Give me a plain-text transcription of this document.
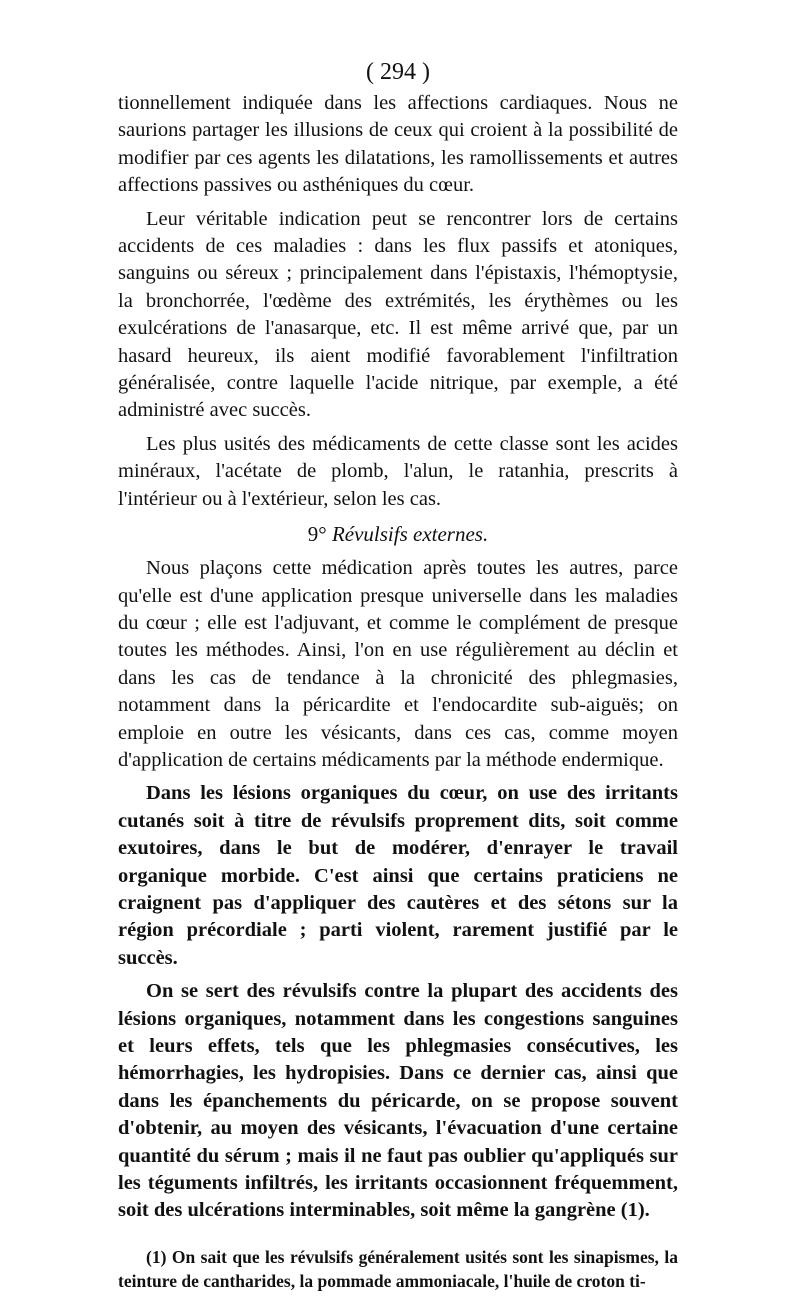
( 294 )

tionnellement indiquée dans les affections cardiaques. Nous ne saurions partager les illusions de ceux qui croient à la possibilité de modifier par ces agents les dilatations, les ramollissements et autres affections passives ou asthéniques du cœur.

Leur véritable indication peut se rencontrer lors de certains accidents de ces maladies : dans les flux passifs et atoniques, sanguins ou séreux ; principalement dans l'épistaxis, l'hémoptysie, la bronchorrée, l'œdème des extrémités, les érythèmes ou les exulcérations de l'anasarque, etc. Il est même arrivé que, par un hasard heureux, ils aient modifié favorablement l'infiltration généralisée, contre laquelle l'acide nitrique, par exemple, a été administré avec succès.

Les plus usités des médicaments de cette classe sont les acides minéraux, l'acétate de plomb, l'alun, le ratanhia, prescrits à l'intérieur ou à l'extérieur, selon les cas.

9° Révulsifs externes.

Nous plaçons cette médication après toutes les autres, parce qu'elle est d'une application presque universelle dans les maladies du cœur ; elle est l'adjuvant, et comme le complément de presque toutes les méthodes. Ainsi, l'on en use régulièrement au déclin et dans les cas de tendance à la chronicité des phlegmasies, notamment dans la péricardite et l'endocardite sub-aiguës; on emploie en outre les vésicants, dans ces cas, comme moyen d'application de certains médicaments par la méthode endermique.

Dans les lésions organiques du cœur, on use des irritants cutanés soit à titre de révulsifs proprement dits, soit comme exutoires, dans le but de modérer, d'enrayer le travail organique morbide. C'est ainsi que certains praticiens ne craignent pas d'appliquer des cautères et des sétons sur la région précordiale ; parti violent, rarement justifié par le succès.

On se sert des révulsifs contre la plupart des accidents des lésions organiques, notamment dans les congestions sanguines et leurs effets, tels que les phlegmasies consécutives, les hémorrhagies, les hydropisies. Dans ce dernier cas, ainsi que dans les épanchements du péricarde, on se propose souvent d'obtenir, au moyen des vésicants, l'évacuation d'une certaine quantité du sérum ; mais il ne faut pas oublier qu'appliqués sur les téguments infiltrés, les irritants occasionnent fréquemment, soit des ulcérations interminables, soit même la gangrène (1).

(1) On sait que les révulsifs généralement usités sont les sinapismes, la teinture de cantharides, la pommade ammoniacale, l'huile de croton ti-
